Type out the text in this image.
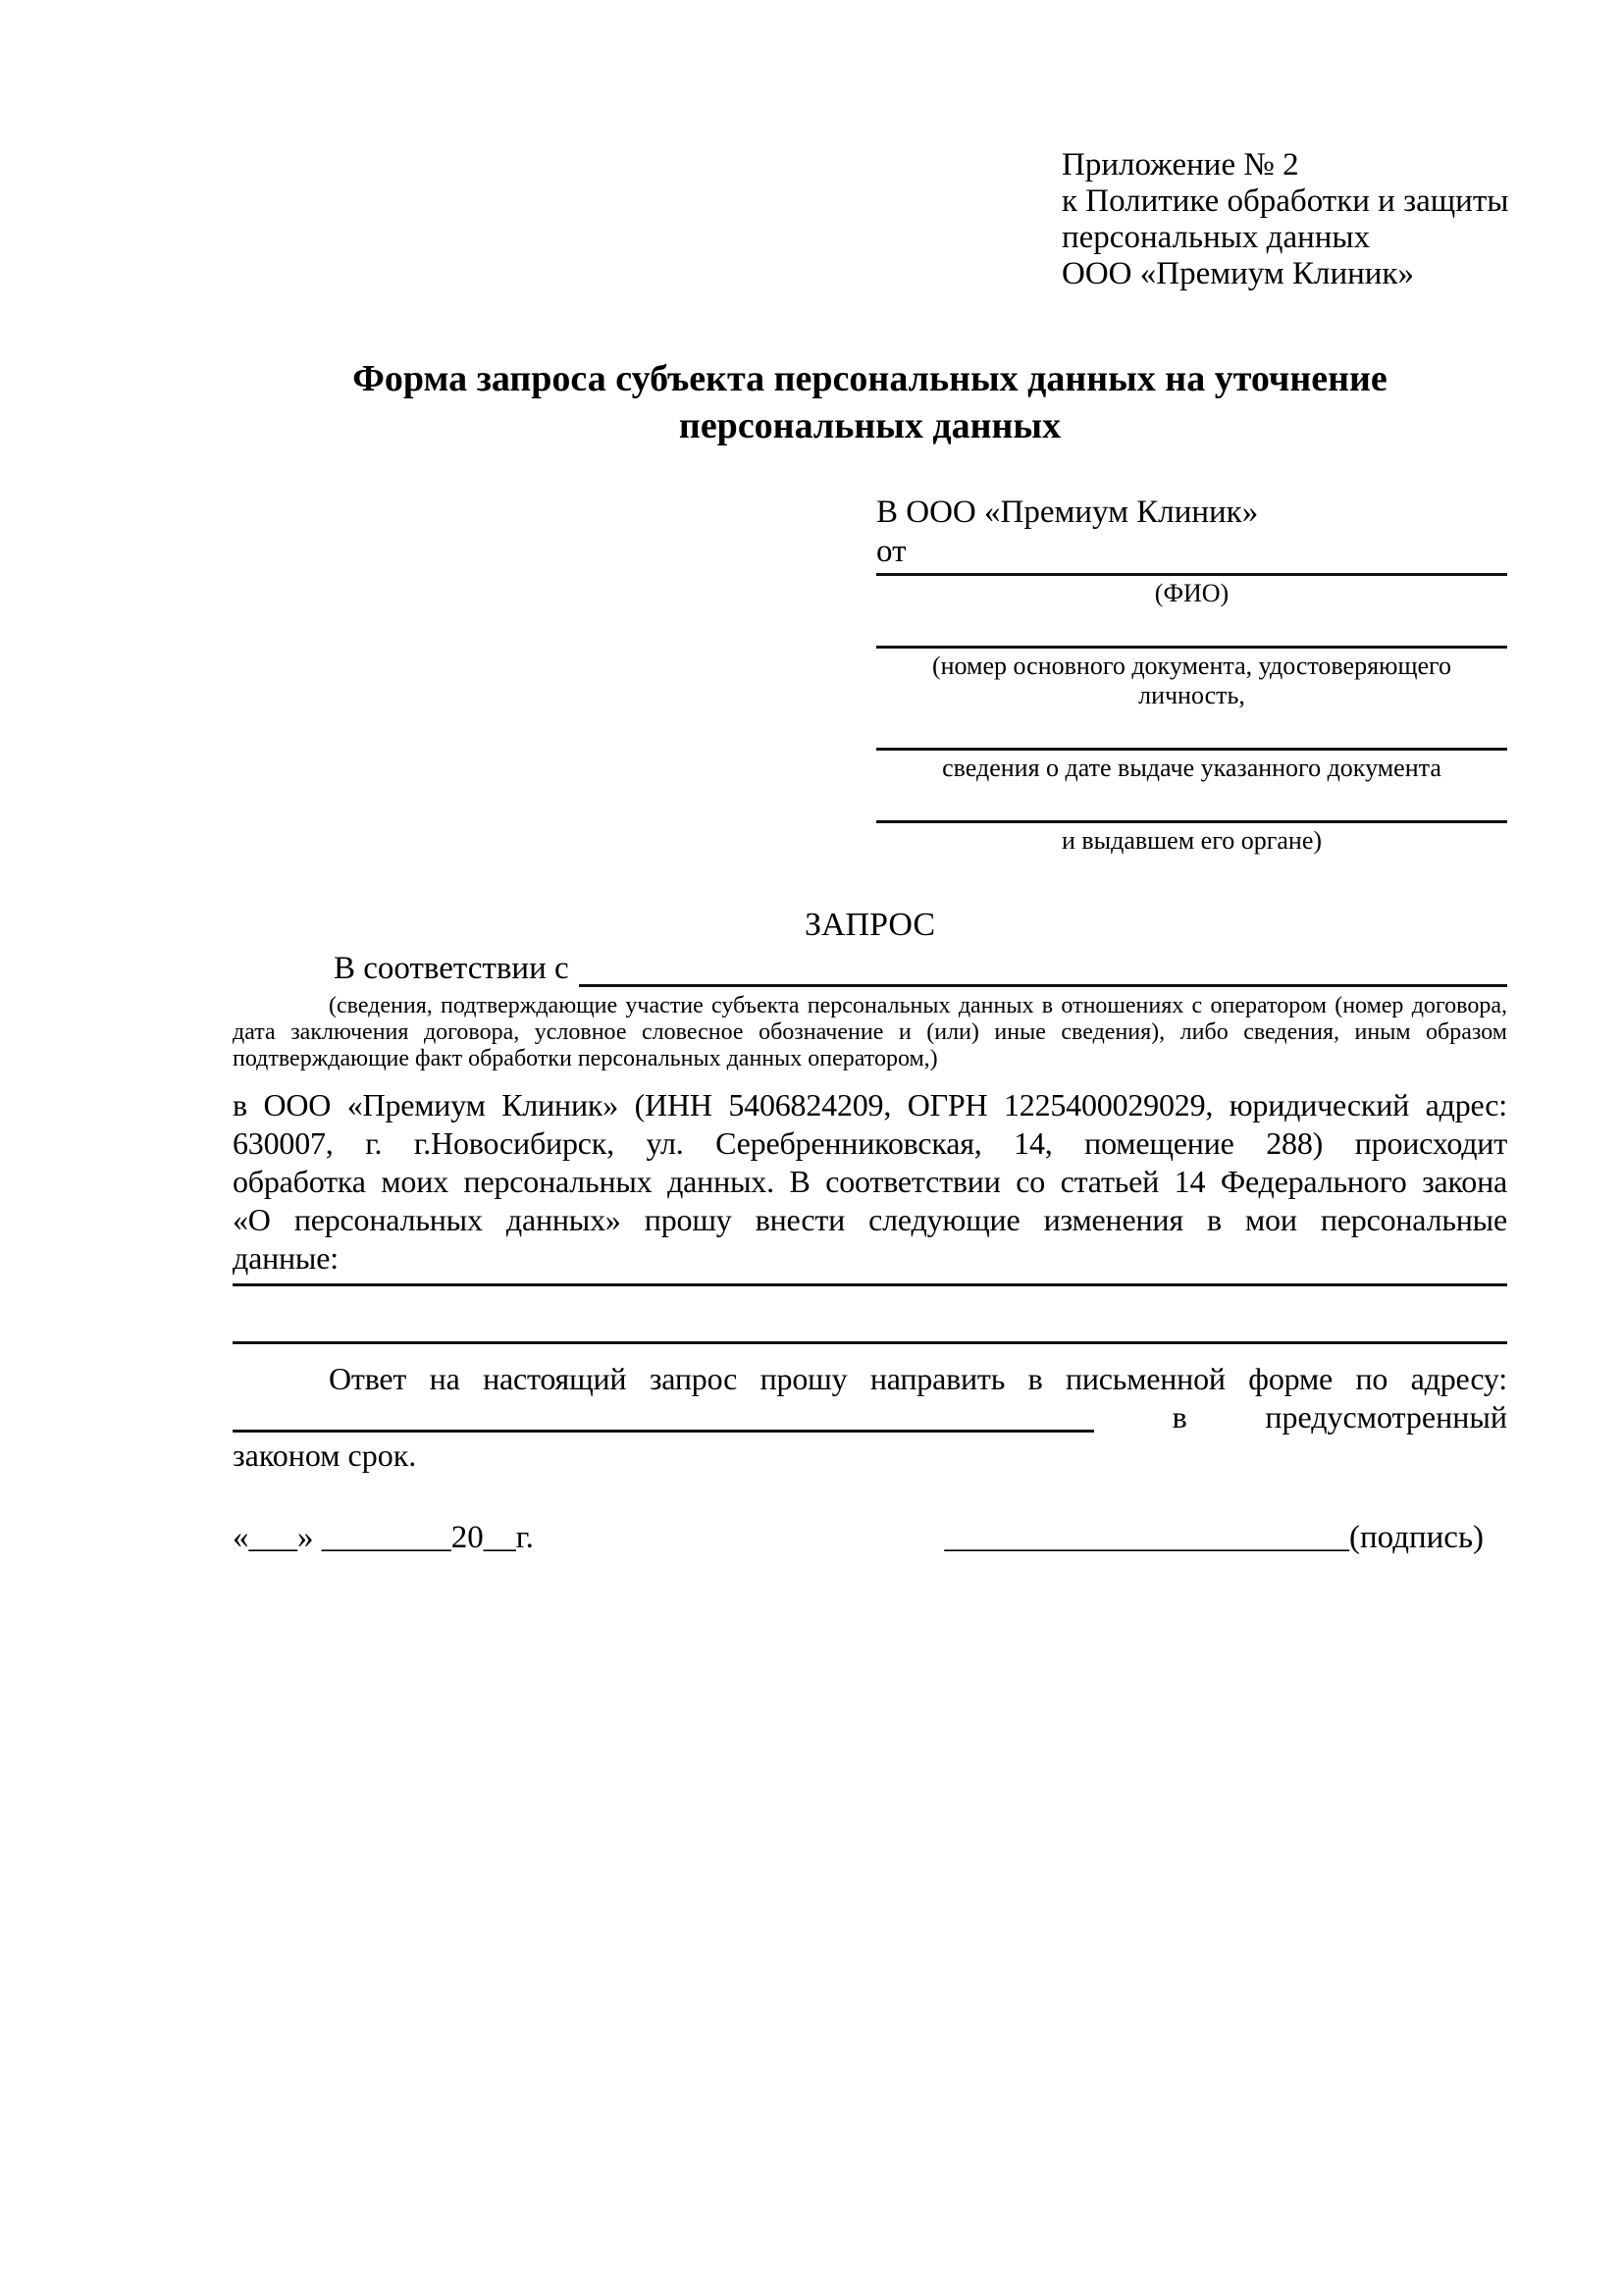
Приложение № 2
к Политике обработки и защиты
персональных данных
ООО «Премиум Клиник»
Форма запроса субъекта персональных данных на уточнение
персональных данных
В ООО «Премиум Клиник»
от
(ФИО)
(номер основного документа, удостоверяющего личность,
сведения о дате выдаче указанного документа
и выдавшем его органе)
ЗАПРОС
В соответствии с
(сведения, подтверждающие участие субъекта персональных данных в отношениях с оператором (номер договора, дата заключения договора, условное словесное обозначение и (или) иные сведения), либо сведения, иным образом подтверждающие факт обработки персональных данных оператором,)
в ООО «Премиум Клиник» (ИНН 5406824209, ОГРН 1225400029029, юридический адрес:
630007, г. г.Новосибирск, ул. Серебренниковская, 14, помещение 288) происходит
обработка моих персональных данных. В соответствии со статьей 14 Федерального закона
«О персональных данных» прошу внести следующие изменения в мои персональные
данные:
Ответ на настоящий запрос прошу направить в письменной форме по адресу:
в предусмотренный
законом срок.
«___» ________20__г.	_________________________(подпись)
